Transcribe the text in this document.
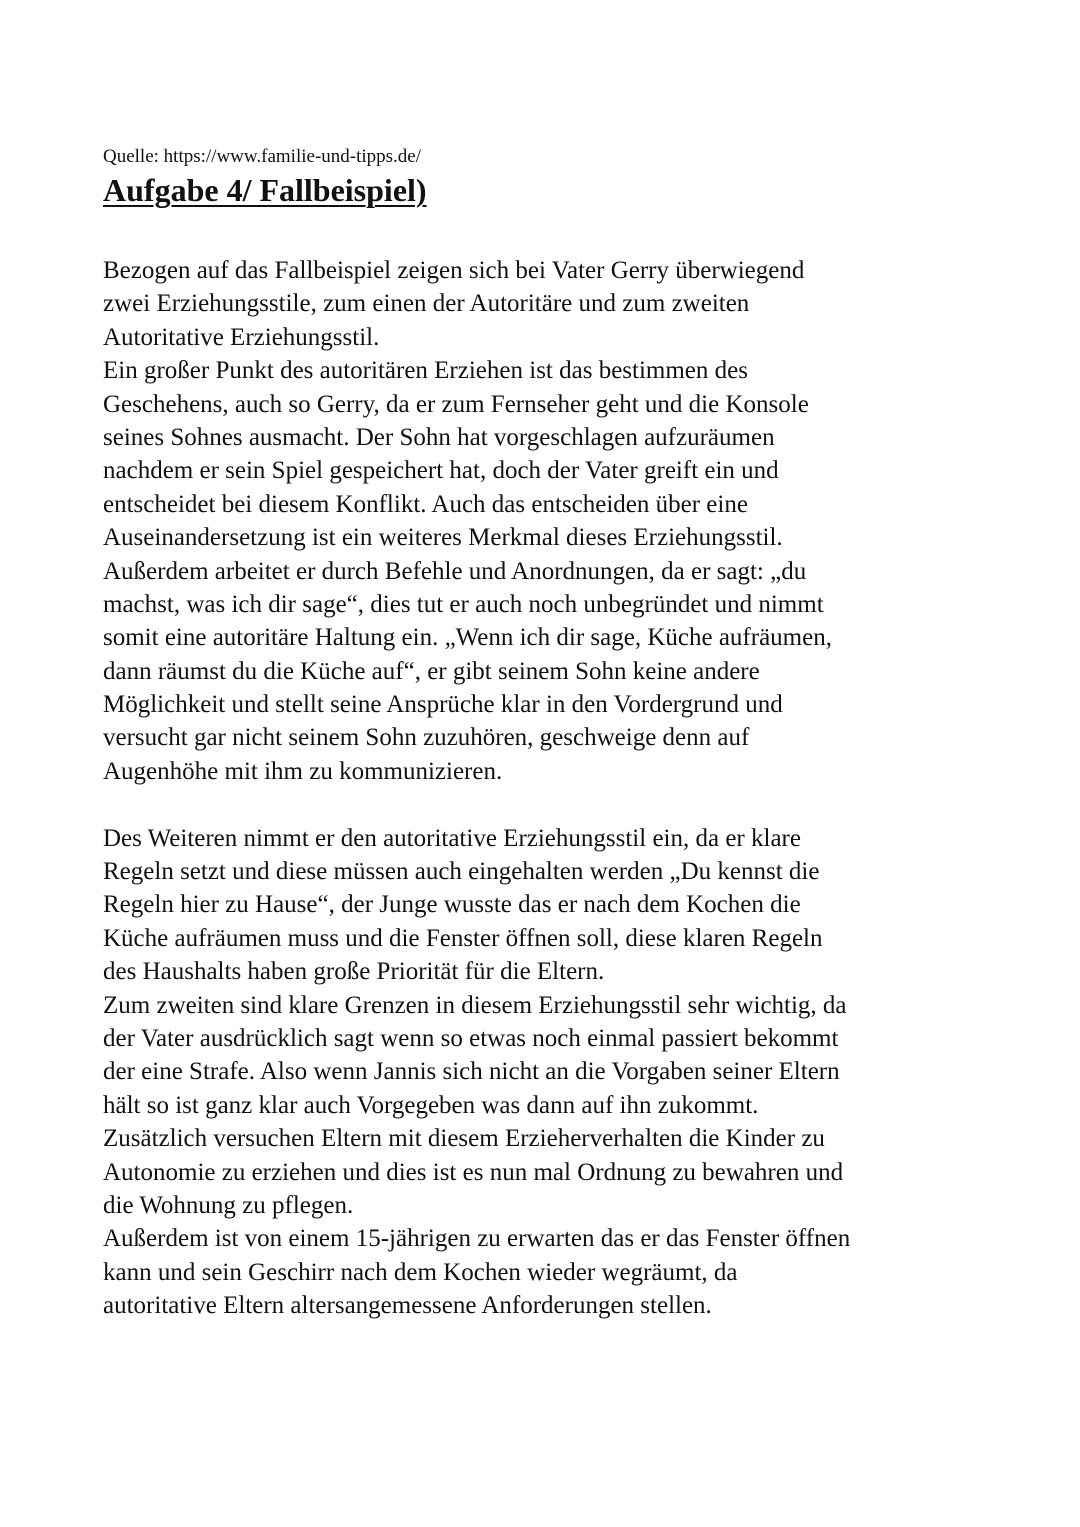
Quelle: https://www.familie-und-tipps.de/
Aufgabe 4/ Fallbeispiel)
Bezogen auf das Fallbeispiel zeigen sich bei Vater Gerry überwiegend
zwei Erziehungsstile, zum einen der Autoritäre und zum zweiten
Autoritative Erziehungsstil.
Ein großer Punkt des autoritären Erziehen ist das bestimmen des
Geschehens, auch so Gerry, da er zum Fernseher geht und die Konsole
seines Sohnes ausmacht. Der Sohn hat vorgeschlagen aufzuräumen
nachdem er sein Spiel gespeichert hat, doch der Vater greift ein und
entscheidet bei diesem Konflikt. Auch das entscheiden über eine
Auseinandersetzung ist ein weiteres Merkmal dieses Erziehungsstil.
Außerdem arbeitet er durch Befehle und Anordnungen, da er sagt: „du
machst, was ich dir sage“, dies tut er auch noch unbegründet und nimmt
somit eine autoritäre Haltung ein. „Wenn ich dir sage, Küche aufräumen,
dann räumst du die Küche auf“, er gibt seinem Sohn keine andere
Möglichkeit und stellt seine Ansprüche klar in den Vordergrund und
versucht gar nicht seinem Sohn zuzuhören, geschweige denn auf
Augenhöhe mit ihm zu kommunizieren.
Des Weiteren nimmt er den autoritative Erziehungsstil ein, da er klare
Regeln setzt und diese müssen auch eingehalten werden „Du kennst die
Regeln hier zu Hause“, der Junge wusste das er nach dem Kochen die
Küche aufräumen muss und die Fenster öffnen soll, diese klaren Regeln
des Haushalts haben große Priorität für die Eltern.
Zum zweiten sind klare Grenzen in diesem Erziehungsstil sehr wichtig, da
der Vater ausdrücklich sagt wenn so etwas noch einmal passiert bekommt
der eine Strafe. Also wenn Jannis sich nicht an die Vorgaben seiner Eltern
hält so ist ganz klar auch Vorgegeben was dann auf ihn zukommt.
Zusätzlich versuchen Eltern mit diesem Erzieherverhalten die Kinder zu
Autonomie zu erziehen und dies ist es nun mal Ordnung zu bewahren und
die Wohnung zu pflegen.
Außerdem ist von einem 15-jährigen zu erwarten das er das Fenster öffnen
kann und sein Geschirr nach dem Kochen wieder wegräumt, da
autoritative Eltern altersangemessene Anforderungen stellen.
